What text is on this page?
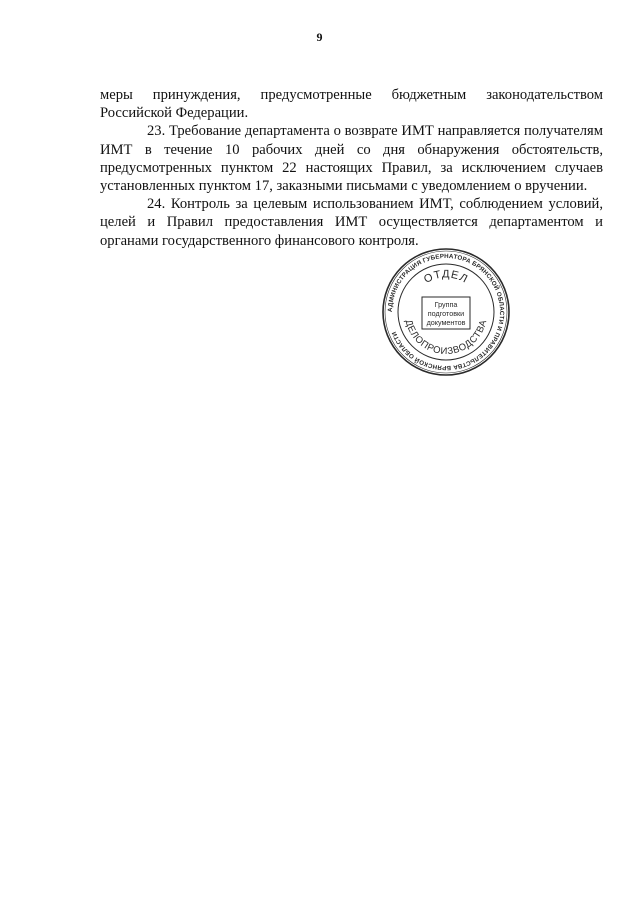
9

меры принуждения, предусмотренные бюджетным законодательством Российской Федерации.

23. Требование департамента о возврате ИМТ направляется получателям ИМТ в течение 10 рабочих дней со дня обнаружения обстоятельств, предусмотренных пунктом 22 настоящих Правил, за исключением случаев установленных пунктом 17, заказными письмами с уведомлением о вручении.

24. Контроль за целевым использованием ИМТ, соблюдением условий, целей и Правил предоставления ИМТ осуществляется департаментом и органами государственного финансового контроля.

АДМИНИСТРАЦИЯ ГУБЕРНАТОРА БРЯНСКОЙ ОБЛАСТИ И ПРАВИТЕЛЬСТВА БРЯНСКОЙ ОБЛАСТИ
ОТДЕЛ
ДЕЛОПРОИЗВОДСТВА
Группа
подготовки
документов
